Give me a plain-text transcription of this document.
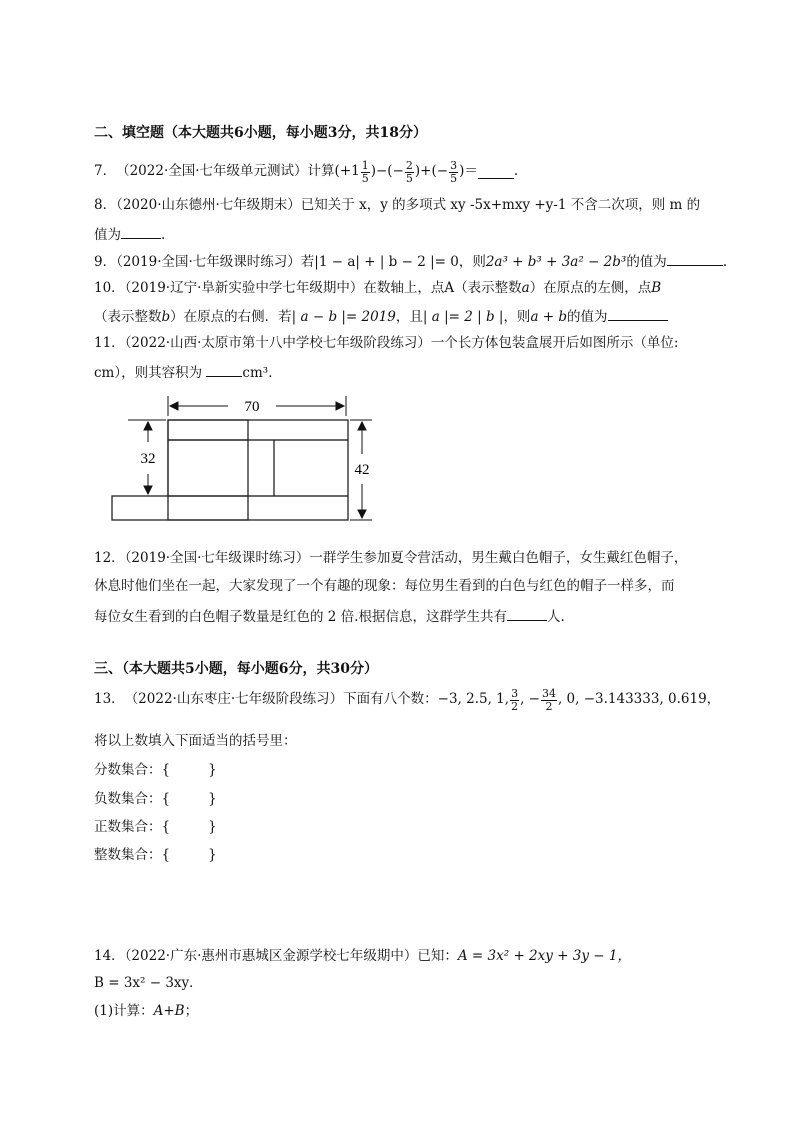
二、填空题（本大题共6小题，每小题3分，共18分）
7． （2022·全国·七年级单元测试） 计算 ($+1 \frac{1}{5}$ )−(− $\frac{2}{5}$ )+(− $\frac{3}{5}$ )＝	.
8．（2020·山东德州·七年级期末）已知关于 x，y 的多项式 xy -5x+mxy +y-1 不含二次项，则 m 的
值为	.
9．（2019·全国·七年级课时练习）若|1 − a| + | b − 2 |= 0，则2a³ + b³ + 3a² − 2b³的值为	.
10．（2019·辽宁·阜新实验中学七年级期中）在数轴上，点A（表示整数a）在原点的左侧，点B
（表示整数b）在原点的右侧．若| a − b |= 2019，且| a |= 2 | b |，则a + b的值为
11．（2022·山西·太原市第十八中学校七年级阶段练习）一个长方体包装盒展开后如图所示（单位:
cm），则其容积为	cm³．
70
32
42
12．（2019·全国·七年级课时练习）一群学生参加夏令营活动，男生戴白色帽子，女生戴红色帽子，
休息时他们坐在一起，大家发现了一个有趣的现象：每位男生看到的白色与红色的帽子一样多，而
每位女生看到的白色帽子数量是红色的 2 倍.根据信息，这群学生共有	人.
三、（本大题共5小题，每小题6分，共30分）
13． （2022·山东枣庄·七年级阶段练习） 下面有八个数： −3, 2.5, 1, $\frac{3}{2}$ , − $\frac{34}{2}$ , 0, −3.143333, 0.619，
将以上数填入下面适当的括号里：
分数集合：{	}
负数集合：{	}
正数集合：{	}
整数集合：{	}
14．（2022·广东·惠州市惠城区金源学校七年级期中）已知：A = 3x² + 2xy + 3y − 1，
B = 3x² − 3xy．
(1)计算：A+B；
